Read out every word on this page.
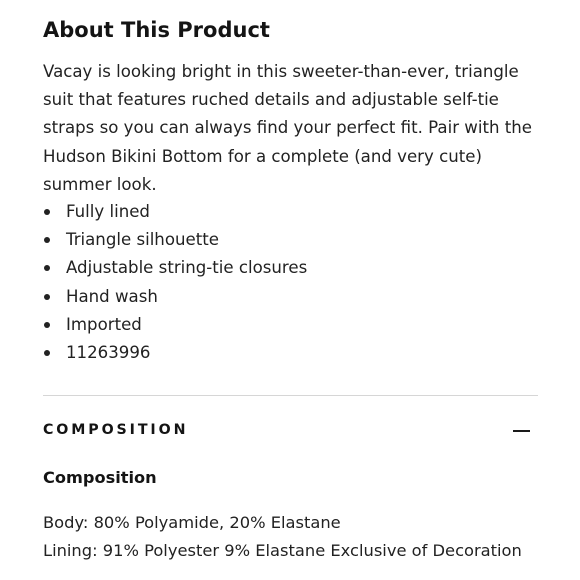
About This Product

Vacay is looking bright in this sweeter-than-ever, triangle suit that features ruched details and adjustable self-tie straps so you can always find your perfect fit. Pair with the Hudson Bikini Bottom for a complete (and very cute) summer look.

Fully lined
Triangle silhouette
Adjustable string-tie closures
Hand wash
Imported
11263996
COMPOSITION
Composition

Body: 80% Polyamide, 20% Elastane

Lining: 91% Polyester 9% Elastane Exclusive of Decoration
